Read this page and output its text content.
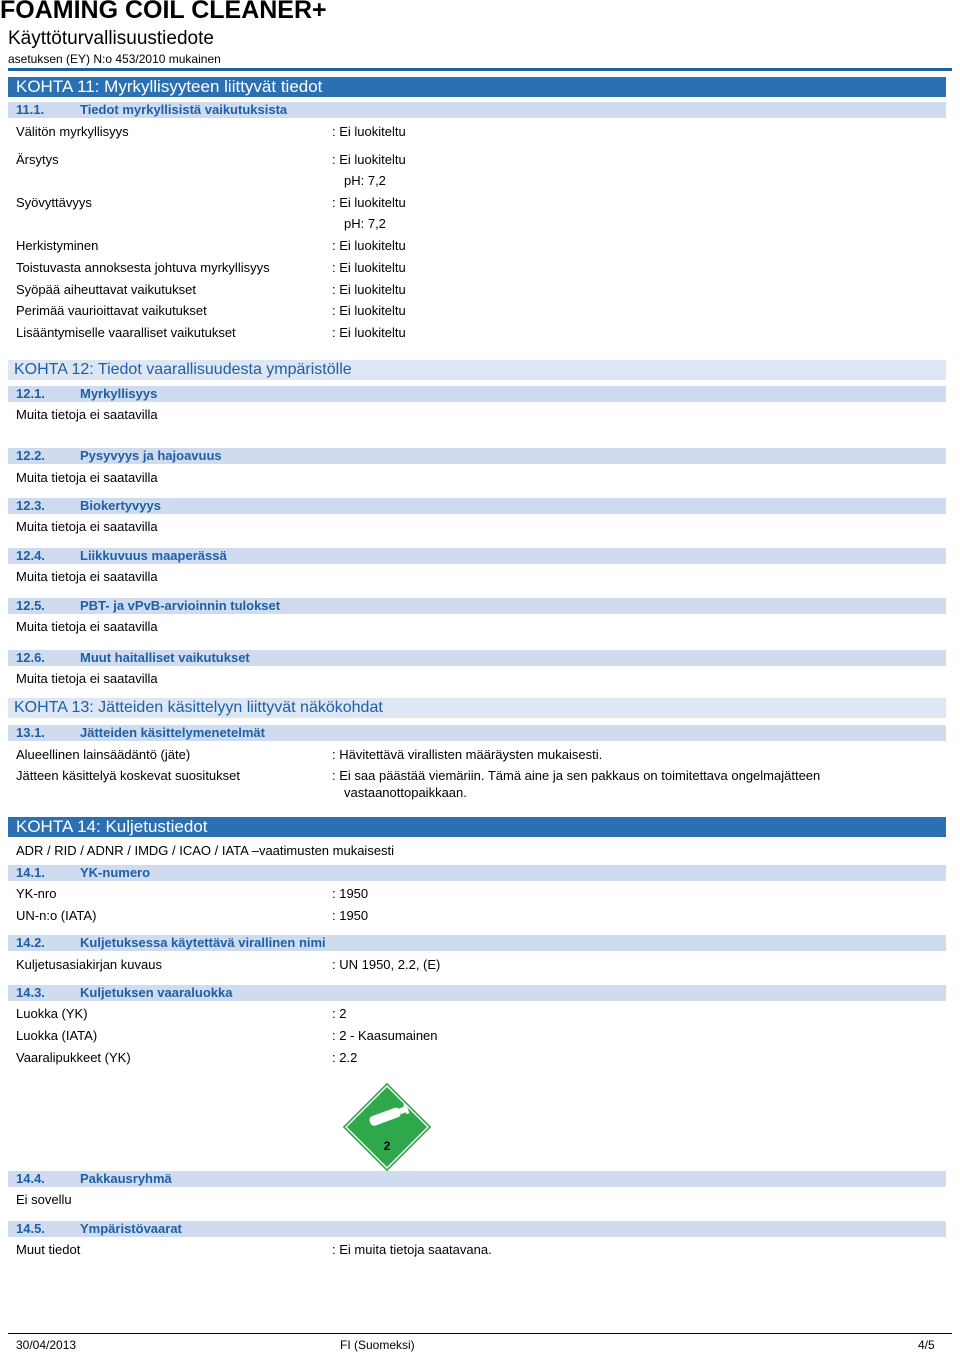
FOAMING COIL CLEANER+
Käyttöturvallisuustiedote
asetuksen (EY) N:o 453/2010 mukainen
KOHTA 11: Myrkyllisyyteen liittyvät tiedot
11.1.	Tiedot myrkyllisistä vaikutuksista
Välitön myrkyllisyys	: Ei luokiteltu
Ärsytys	: Ei luokiteltu
pH: 7,2
Syövyttävyys	: Ei luokiteltu
pH: 7,2
Herkistyminen	: Ei luokiteltu
Toistuvasta annoksesta johtuva myrkyllisyys	: Ei luokiteltu
Syöpää aiheuttavat vaikutukset	: Ei luokiteltu
Perimää vaurioittavat vaikutukset	: Ei luokiteltu
Lisääntymiselle vaaralliset vaikutukset	: Ei luokiteltu
KOHTA 12: Tiedot vaarallisuudesta ympäristölle
12.1.	Myrkyllisyys
Muita tietoja ei saatavilla
12.2.	Pysyvyys ja hajoavuus
Muita tietoja ei saatavilla
12.3.	Biokertyvyys
Muita tietoja ei saatavilla
12.4.	Liikkuvuus maaperässä
Muita tietoja ei saatavilla
12.5.	PBT- ja vPvB-arvioinnin tulokset
Muita tietoja ei saatavilla
12.6.	Muut haitalliset vaikutukset
Muita tietoja ei saatavilla
KOHTA 13: Jätteiden käsittelyyn liittyvät näkökohdat
13.1.	Jätteiden käsittelymenetelmät
Alueellinen lainsäädäntö (jäte)	: Hävitettävä virallisten määräysten mukaisesti.
Jätteen käsittelyä koskevat suositukset	: Ei saa päästää viemäriin. Tämä aine ja sen pakkaus on toimitettava ongelmajätteen
vastaanottopaikkaan.
KOHTA 14: Kuljetustiedot
ADR / RID / ADNR / IMDG / ICAO / IATA –vaatimusten mukaisesti
14.1.	YK-numero
YK-nro	: 1950
UN-n:o (IATA)	: 1950
14.2.	Kuljetuksessa käytettävä virallinen nimi
Kuljetusasiakirjan kuvaus	: UN 1950, 2.2, (E)
14.3.	Kuljetuksen vaaraluokka
Luokka (YK)	: 2
Luokka (IATA)	: 2 - Kaasumainen
Vaaralipukkeet (YK)	: 2.2
2
14.4.	Pakkausryhmä
Ei sovellu
14.5.	Ympäristövaarat
Muut tiedot	: Ei muita tietoja saatavana.
30/04/2013	FI (Suomeksi)	4/5
